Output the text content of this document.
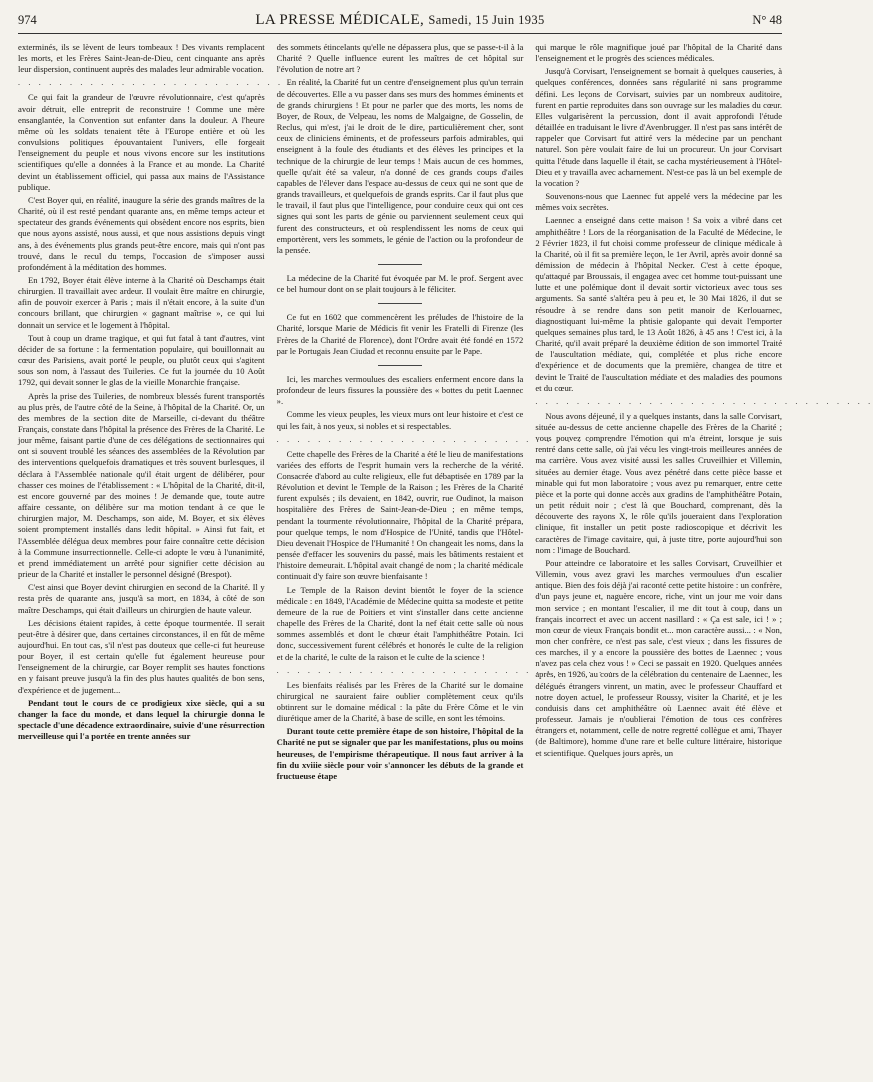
974	LA PRESSE MÉDICALE, Samedi, 15 Juin 1935	N° 48

exterminés, ils se lèvent de leurs tombeaux ! Des vivants remplacent les morts, et les Frères Saint-Jean-de-Dieu, cent cinquante ans après leur dispersion, continuent auprès des malades leur admirable vocation.

. . . . . . . . . . . . . . . . . . . . . . . . . . . . . . . . .

Ce qui fait la grandeur de l'œuvre révolutionnaire, c'est qu'après avoir détruit, elle entreprit de reconstruire ! Comme une mère ensanglantée, la Convention sut enfanter dans la douleur. A l'heure même où les soldats tenaient tête à l'Europe entière et où les convulsions politiques épouvantaient l'univers, elle forgeait l'enseignement du peuple et nous vivons encore sur les institutions scientifiques qu'elle a données à la France et au monde. La Charité devint un établissement officiel, qui passa aux mains de l'Assistance publique.

C'est Boyer qui, en réalité, inaugure la série des grands maîtres de la Charité, où il est resté pendant quarante ans, en même temps acteur et spectateur des grands événements qui obsèdent encore nos esprits, bien que nous ayons assisté, nous aussi, et que nous assistions depuis vingt ans, à des événements plus grands peut-être encore, mais qui n'ont pas trouvé, dans le recul du temps, l'occasion de s'imposer aussi profondément à la méditation des hommes.

En 1792, Boyer était élève interne à la Charité où Deschamps était chirurgien. Il travaillait avec ardeur. Il voulait être maître en chirurgie, afin de pouvoir exercer à Paris ; mais il n'était encore, à la suite d'un concours brillant, que chirurgien « gagnant maîtrise », ce qui lui donnait un service et le logement à l'hôpital.

Tout à coup un drame tragique, et qui fut fatal à tant d'autres, vint décider de sa fortune : la fermentation populaire, qui bouillonnait au cœur des Parisiens, avait porté le peuple, ou plutôt ceux qui s'agitent sous son nom, à l'assaut des Tuileries. Ce fut la journée du 10 Août 1792, qui devait sonner le glas de la vieille Monarchie française.

Après la prise des Tuileries, de nombreux blessés furent transportés au plus près, de l'autre côté de la Seine, à l'hôpital de la Charité. Or, un des membres de la section dite de Marseille, ci-devant du théâtre Français, constate dans l'hôpital la présence des Frères de la Charité. Le jour même, faisant partie d'une de ces délégations de sectionnaires qui ont si souvent troublé les séances des assemblées de la Révolution par des interventions quelquefois dramatiques et très souvent burlesques, il déclara à l'Assemblée nationale qu'il était urgent de délibérer, pour chasser ces moines de l'établissement : « L'hôpital de la Charité, dit-il, est encore gouverné par des moines ! Je demande que, toute autre affaire cessante, on délibère sur ma motion tendant à ce que le chirurgien major, M. Deschamps, son aide, M. Boyer, et six élèves soient promptement installés dans ledit hôpital. » Ainsi fut fait, et l'Assemblée délégua deux membres pour faire connaître cette décision à la Commune insurrectionnelle. Celle-ci adopte le vœu à l'unanimité, et prend immédiatement un arrêté pour signifier cette décision au prieur de la Charité et installer le personnel désigné (Brespot).

C'est ainsi que Boyer devint chirurgien en second de la Charité. Il y resta près de quarante ans, jusqu'à sa mort, en 1834, à côté de son maître Deschamps, qui était d'ailleurs un chirurgien de haute valeur.

Les décisions étaient rapides, à cette époque tourmentée. Il serait peut-être à désirer que, dans certaines circonstances, il en fût de même aujourd'hui. En tout cas, s'il n'est pas douteux que celle-ci fut heureuse pour Boyer, il est certain qu'elle fut également heureuse pour l'enseignement de la chirurgie, car Boyer remplit ses hautes fonctions en y faisant preuve jusqu'à la fin des plus hautes qualités de bon sens, d'expérience et de jugement...

Pendant tout le cours de ce prodigieux xixe siècle, qui a su changer la face du monde, et dans lequel la chirurgie donna le spectacle d'une décadence extraordinaire, suivie d'une résurrection merveilleuse qui l'a portée en trente années sur

des sommets étincelants qu'elle ne dépassera plus, que se passe-t-il à la Charité ? Quelle influence eurent les maîtres de cet hôpital sur l'évolution de notre art ?

En réalité, la Charité fut un centre d'enseignement plus qu'un terrain de découvertes. Elle a vu passer dans ses murs des hommes éminents et de grands chirurgiens ! Et pour ne parler que des morts, les noms de Boyer, de Roux, de Velpeau, les noms de Malgaigne, de Gosselin, de Reclus, qui m'est, j'ai le droit de le dire, particulièrement cher, sont ceux de cliniciens éminents, et de professeurs parfois admirables, qui enseignent à la foule des étudiants et des élèves les principes et la technique de la chirurgie de leur temps ! Mais aucun de ces hommes, quelle qu'ait été sa valeur, n'a donné de ces grands coups d'ailes capables de l'élever dans l'espace au-dessus de ceux qui ne sont que de grands travailleurs, et quelquefois de grands esprits. Car il faut plus que le travail, il faut plus que l'intelligence, pour conduire ceux qui ont ces signes qui sont les parts de génie ou parviennent seulement ceux qui furent des constructeurs, et où resplendissent les noms de ceux qui emportèrent, vers les sommets, le génie de l'action ou la profondeur de la pensée.

La médecine de la Charité fut évoquée par M. le prof. Sergent avec ce bel humour dont on se plait toujours à le féliciter.

Ce fut en 1602 que commencèrent les préludes de l'histoire de la Charité, lorsque Marie de Médicis fit venir les Fratelli di Firenze (les Frères de la Charité de Florence), dont l'Ordre avait été fondé en 1572 par le Portugais Jean Ciudad et reconnu ensuite par le Pape.

Ici, les marches vermoulues des escaliers enferment encore dans la profondeur de leurs fissures la poussière des « bottes du petit Laennec ».

Comme les vieux peuples, les vieux murs ont leur histoire et c'est ce qui les fait, à nos yeux, si nobles et si respectables.

. . . . . . . . . . . . . . . . . . . . . . . . . . . . . . . . .

Cette chapelle des Frères de la Charité a été le lieu de manifestations variées des efforts de l'esprit humain vers la recherche de la vérité. Consacrée d'abord au culte religieux, elle fut débaptisée en 1789 par la Révolution et devint le Temple de la Raison ; les Frères de la Charité furent expulsés ; ils devaient, en 1842, ouvrir, rue Oudinot, la maison hospitalière des Frères de Saint-Jean-de-Dieu ; en même temps, pendant la tourmente révolutionnaire, l'hôpital de la Charité prépara, pour quelque temps, le nom d'Hospice de l'Unité, tandis que l'Hôtel-Dieu devenait l'Hospice de l'Humanité ! On changeait les noms, dans la pensée d'effacer les souvenirs du passé, mais les bâtiments restaient et l'histoire demeurait. L'hôpital avait changé de nom ; la charité médicale continuait d'y faire son œuvre bienfaisante !

Le Temple de la Raison devint bientôt le foyer de la science médicale : en 1849, l'Académie de Médecine quitta sa modeste et petite demeure de la rue de Poitiers et vint s'installer dans cette ancienne chapelle des Frères de la Charité, dont la nef était cette salle où nous sommes assemblés et dont le chœur était l'amphithéâtre Potain. Ici donc, successivement furent célébrés et honorés le culte de la religion et de la charité, le culte de la raison et le culte de la science !

. . . . . . . . . . . . . . . . . . . . . . . . . . . . . . . . .

Les bienfaits réalisés par les Frères de la Charité sur le domaine chirurgical ne sauraient faire oublier complètement ceux qu'ils obtinrent sur le domaine médical : la pâte du Frère Côme et le vin diurétique amer de la Charité, à base de scille, en sont les témoins.

Durant toute cette première étape de son histoire, l'hôpital de la Charité ne put se signaler que par les manifestations, plus ou moins heureuses, de l'empirisme thérapeutique. Il nous faut arriver à la fin du xviiie siècle pour voir s'annoncer les débuts de la grande et fructueuse étape

qui marque le rôle magnifique joué par l'hôpital de la Charité dans l'enseignement et le progrès des sciences médicales.

Jusqu'à Corvisart, l'enseignement se bornait à quelques causeries, à quelques conférences, données sans régularité ni sans programme défini. Les leçons de Corvisart, suivies par un nombreux auditoire, furent en partie reproduites dans son ouvrage sur les maladies du cœur. Elles vulgarisèrent la percussion, dont il avait approfondi l'étude détaillée en traduisant le livre d'Avenbrugger. Il n'est pas sans intérêt de rappeler que Corvisart fut attiré vers la médecine par un penchant naturel. Son père voulait faire de lui un procureur. Un jour Corvisart quitta l'étude dans laquelle il était, se cacha mystérieusement à l'Hôtel-Dieu et y travailla avec acharnement. N'est-ce pas là un bel exemple de la vocation ?

Souvenons-nous que Laennec fut appelé vers la médecine par les mêmes voix secrètes.

Laennec a enseigné dans cette maison ! Sa voix a vibré dans cet amphithéâtre ! Lors de la réorganisation de la Faculté de Médecine, le 2 Février 1823, il fut choisi comme professeur de clinique médicale à la Charité, où il fit sa première leçon, le 1er Avril, après avoir donné sa démission de médecin à l'hôpital Necker. C'est à cette époque, qu'attaqué par Broussais, il engagea avec cet homme tout-puissant une lutte et une polémique dont il devait sortir victorieux avec tous ses arguments. Sa santé s'altéra peu à peu et, le 30 Mai 1826, il dut se résoudre à se rendre dans son petit manoir de Kerlouarnec, diagnostiquant lui-même la phtisie galopante qui devait l'emporter quelques semaines plus tard, le 13 Août 1826, à 45 ans ! C'est ici, à la Charité, qu'il avait préparé la deuxième édition de son immortel Traité de l'auscultation médiate, qui, complétée et plus riche encore d'expérience et de documents que la première, changea de titre et devint le Traité de l'auscultation médiate et des maladies des poumons et du cœur.

. . . . . . . . . . . . . . . . . . . . . . . . . . . . . . . . .

Nous avons déjeuné, il y a quelques instants, dans la salle Corvisart, située au-dessus de cette ancienne chapelle des Frères de la Charité ; vous pouvez comprendre l'émotion qui m'a étreint, lorsque je suis rentré dans cette salle, où j'ai vécu les vingt-trois meilleures années de ma carrière. Vous avez visité aussi les salles Cruveilhier et Villemin, situées au dernier étage. Vous avez pénétré dans cette pièce basse et minable qui fut mon laboratoire ; vous avez pu remarquer, entre cette pièce et la porte qui donne accès aux gradins de l'amphithéâtre Potain, un petit réduit noir ; c'est là que Bouchard, comprenant, dès la découverte des rayons X, le rôle qu'ils joueraient dans l'exploration clinique, fit installer un petit poste radioscopique et décrivit les caractères de l'image cavitaire, qui, à juste titre, porte aujourd'hui son nom : l'image de Bouchard.

Pour atteindre ce laboratoire et les salles Corvisart, Cruveilhier et Villemin, vous avez gravi les marches vermoulues d'un escalier antique. Bien des fois déjà j'ai raconté cette petite histoire : un confrère, d'un pays jeune et, naguère encore, riche, vint un jour me voir dans mon service ; en montant l'escalier, il me dit tout à coup, dans un français incorrect et avec un accent nasillard : « Ça est sale, ici ! » ; mon cœur de vieux Français bondit et... mon caractère aussi... : « Non, mon cher confrère, ce n'est pas sale, c'est vieux ; dans les fissures de ces marches, il y a encore la poussière des bottes de Laennec ; vous n'avez pas cela chez vous ! » Ceci se passait en 1920. Quelques années après, en 1926, au cours de la célébration du centenaire de Laennec, les délégués étrangers vinrent, un matin, avec le professeur Chauffard et notre doyen actuel, le professeur Roussy, visiter la Charité, et je les conduisis dans cet amphithéâtre où Laennec avait été élève et professeur. Jamais je n'oublierai l'émotion de tous ces confrères étrangers et, notamment, celle de notre regretté collègue et ami, Thayer (de Baltimore), homme d'une rare et belle culture littéraire, historique et scientifique. Quelques jours après, un
